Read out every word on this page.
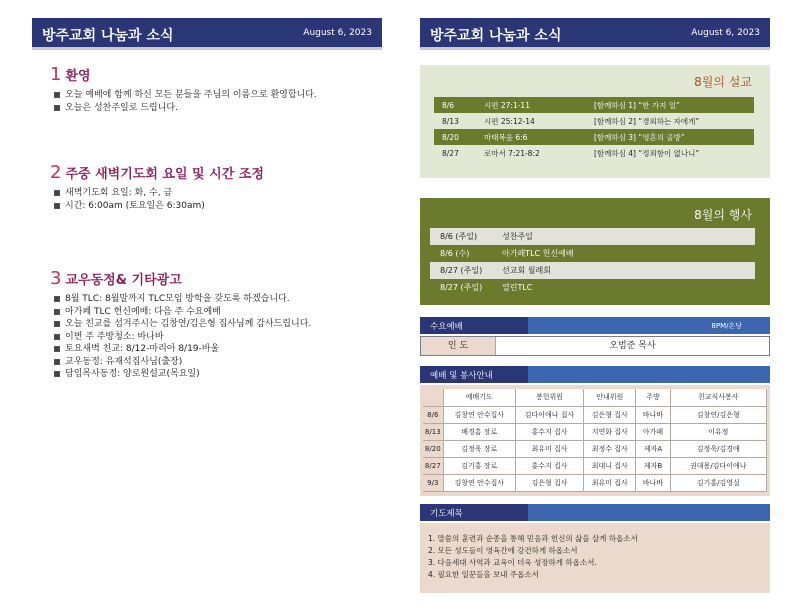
방주교회 나눔과 소식	August 6, 2023
1 환영
오늘 예배에 함께 하신 모든 분들을 주님의 이름으로 환영합니다.
오늘은 성찬주일로 드립니다.
2 주중 새벽기도회 요일 및 시간 조정
새벽기도회 요일: 화, 수, 금
시간: 6:00am (토요일은 6:30am)
3 교우동정& 기타광고
8월 TLC: 8월말까지 TLC모임 방학을 갖도록 하겠습니다.
아가페 TLC 헌신예배: 다음 주 수요예배
오늘 친교를 섬겨주시는 김창연/김은형 집사님께 감사드립니다.
이번 주 주방청소: 바나바
토요새벽 친교: 8/12-마리아 8/19-바울
교우동정: 유재석집사님(출장)
담임목사동정: 양로원설교(목요일)
방주교회 나눔과 소식	August 6, 2023
8월의 설교
8/6	시편 27:1-11	[함께하심 1] “한 가지 일”
8/13	시편 25:12-14	[함께하심 2] “경외하는 자에게”
8/20	마태복음 6:6	[함께하심 3] “영혼의 골방”
8/27	로마서 7:21-8:2	[함께하심 4] “정죄함이 없나니”
8월의 행사
8/6 (주일)	성찬주일
8/6 (수)	아가페TLC 헌신예배
8/27 (주일)	선교회 월례회
8/27 (주일)	열린TLC
수요예배	8PM/온당
인 도	오범준 목사
예배 및 봉사안내
	예배기도	봉헌위원	안내위원	주방	친교식사봉사
8/6	김창연 안수집사	김다이애나 집사	김은형 집사	바나바	김창연/김은형
8/13	배경흠 장로	홍수지 집사	지연화 집사	아가페	이유정
8/20	김정욱 장로	최유미 집사	최정수 집사	제자A	김정욱/김경애
8/27	김기홍 장로	홍수지 집사	최대니 집사	제자B	권대용/김다이애나
9/3	김창연 안수집사	김은형 집사	최유미 집사	바나바	김기홍/김영실
기도제목
1. 말씀의 훈련과 순종을 통해 믿음과 헌신의 삶을 살게 하옵소서
2. 모든 성도들이 영육간에 강건하게 하옵소서
3. 다음세대 사역과 교육이 더욱 성장하게 하옵소서.
4. 필요한 일꾼들을 보내 주옵소서
